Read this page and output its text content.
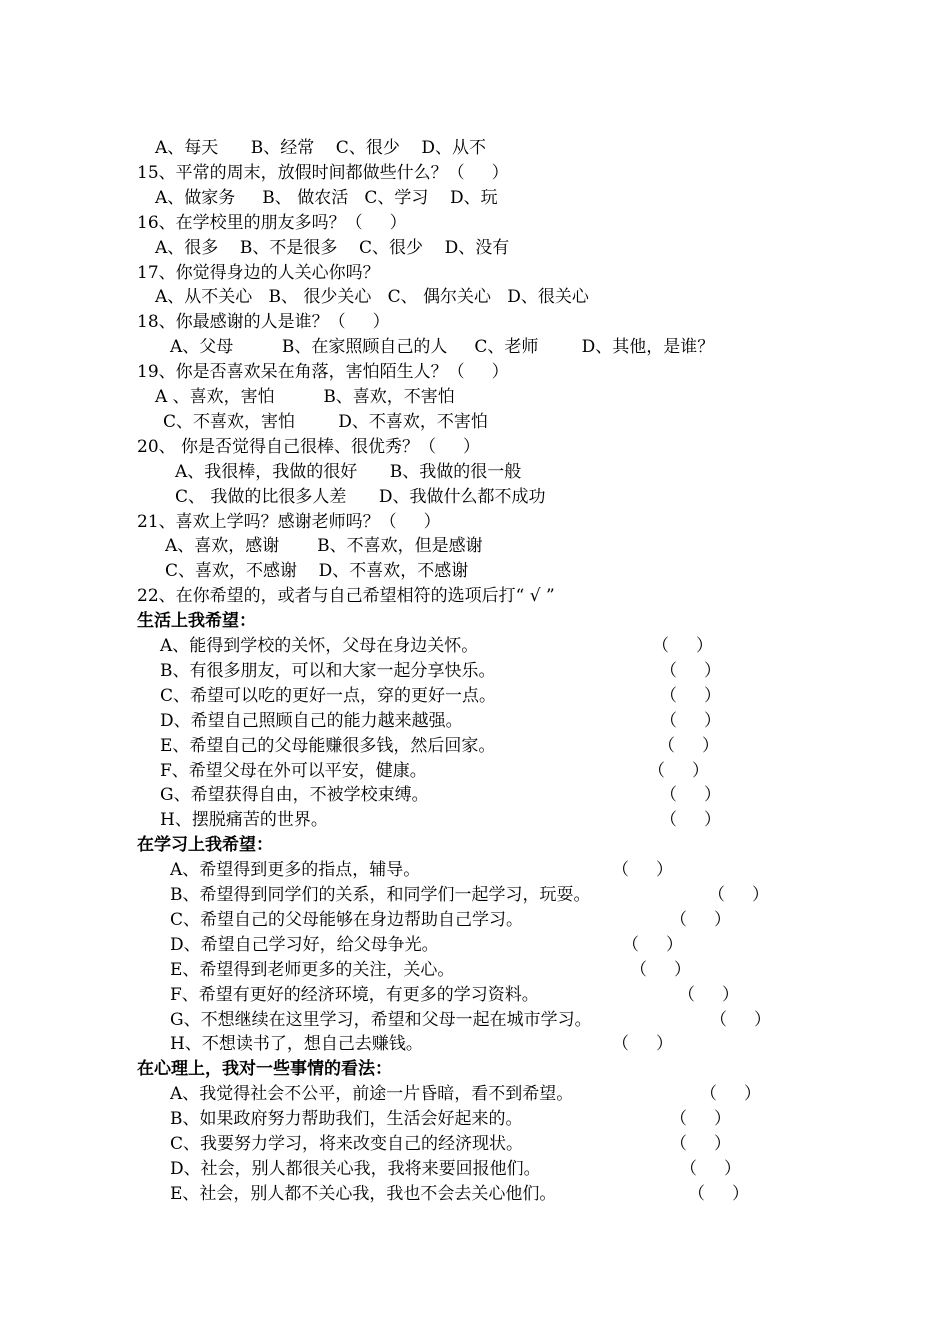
A、每天      B、经常    C、很少    D、从不
15、平常的周末，放假时间都做些什么？（     ）
A、做家务     B、 做农活   C、学习    D、玩
16、在学校里的朋友多吗？（     ）
A、很多    B、不是很多    C、很少    D、没有
17、你觉得身边的人关心你吗？
A、从不关心   B、 很少关心   C、 偶尔关心   D、很关心
18、你最感谢的人是谁？（     ）
A、父母         B、在家照顾自己的人     C、老师        D、其他，是谁？
19、你是否喜欢呆在角落，害怕陌生人？（     ）
A 、喜欢，害怕         B、喜欢，不害怕
C、不喜欢，害怕        D、不喜欢，不害怕
20、 你是否觉得自己很棒、很优秀？（     ）
A、我很棒，我做的很好      B、我做的很一般
C、 我做的比很多人差      D、我做什么都不成功
21、喜欢上学吗？感谢老师吗？（     ）
A、喜欢，感谢       B、不喜欢，但是感谢
C、喜欢，不感谢    D、不喜欢，不感谢
22、在你希望的，或者与自己希望相符的选项后打“ √ ”
生活上我希望：
A、能得到学校的关怀，父母在身边关怀。	（     ）
B、有很多朋友，可以和大家一起分享快乐。	（     ）
C、希望可以吃的更好一点，穿的更好一点。	（     ）
D、希望自己照顾自己的能力越来越强。	（     ）
E、希望自己的父母能赚很多钱，然后回家。	（     ）
F、希望父母在外可以平安，健康。	（     ）
G、希望获得自由，不被学校束缚。	（     ）
H、摆脱痛苦的世界。	（     ）
在学习上我希望：
A、希望得到更多的指点，辅导。	（     ）
B、希望得到同学们的关系，和同学们一起学习，玩耍。	（     ）
C、希望自己的父母能够在身边帮助自己学习。	（     ）
D、希望自己学习好，给父母争光。	（     ）
E、希望得到老师更多的关注，关心。	（     ）
F、希望有更好的经济环境，有更多的学习资料。	（     ）
G、不想继续在这里学习，希望和父母一起在城市学习。	（     ）
H、不想读书了，想自己去赚钱。	（     ）
在心理上，我对一些事情的看法：
A、我觉得社会不公平，前途一片昏暗，看不到希望。	（     ）
B、如果政府努力帮助我们，生活会好起来的。	（     ）
C、我要努力学习，将来改变自己的经济现状。	（     ）
D、社会，别人都很关心我，我将来要回报他们。	（     ）
E、社会，别人都不关心我，我也不会去关心他们。	（     ）
